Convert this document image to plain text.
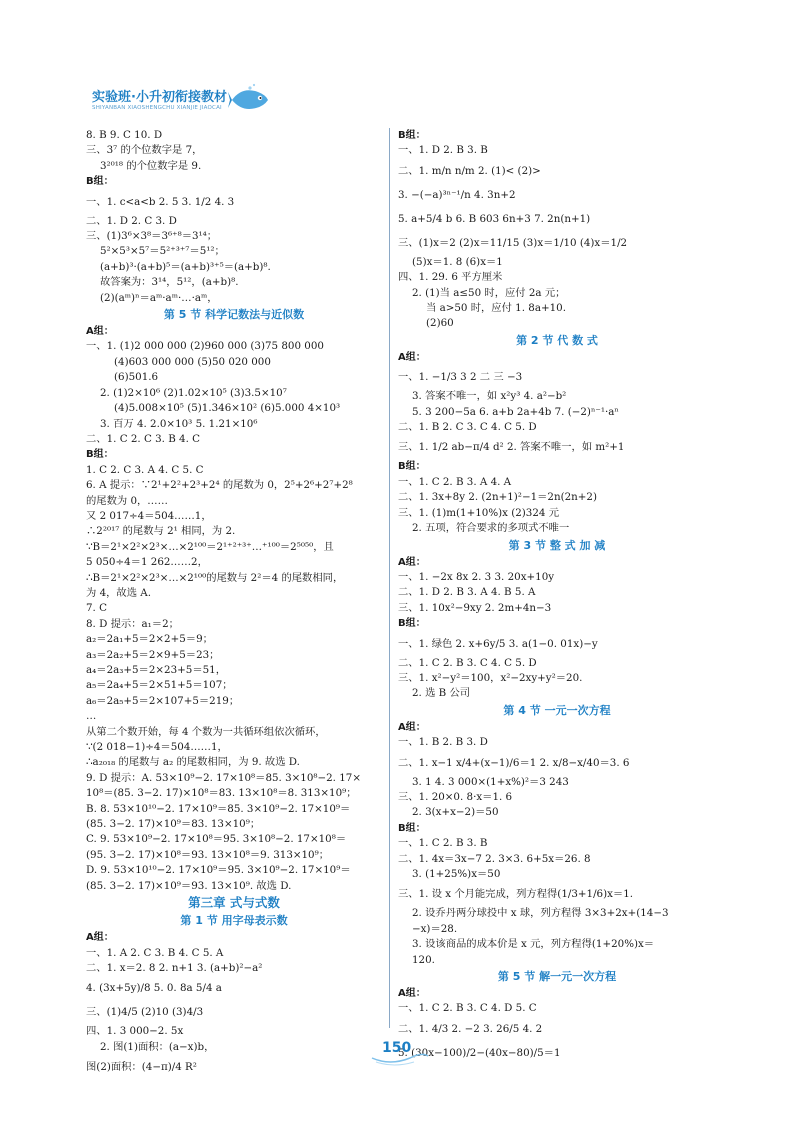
实验班·小升初衔接教材
SHIYANBAN XIAOSHENGCHU XIANJIE JIAOCAI
8. B 9. C 10. D
三、3⁷ 的个位数字是 7，
3²⁰¹⁸ 的个位数字是 9.
B组：
一、1. c<a<b 2. 5 3. 1/2 4. 3
二、1. D 2. C 3. D
三、(1)3⁶×3⁸＝3⁶⁺⁸＝3¹⁴；
5²×5³×5⁷＝5²⁺³⁺⁷＝5¹²；
(a+b)³·(a+b)⁵＝(a+b)³⁺⁵＝(a+b)⁸.
故答案为：3¹⁴，5¹²，(a+b)⁸.
(2)(aᵐ)ⁿ＝aᵐ·aᵐ·…·aᵐ，
第 5 节 科学记数法与近似数
A组：
一、1. (1)2 000 000 (2)960 000 (3)75 800 000
(4)603 000 000 (5)50 020 000
(6)501.6
2. (1)2×10⁶ (2)1.02×10⁵ (3)3.5×10⁷
(4)5.008×10⁵ (5)1.346×10² (6)5.000 4×10³
3. 百万 4. 2.0×10³ 5. 1.21×10⁶
二、1. C 2. C 3. B 4. C
B组：
1. C 2. C 3. A 4. C 5. C
6. A 提示：∵2¹+2²+2³+2⁴ 的尾数为 0，2⁵+2⁶+2⁷+2⁸
的尾数为 0，……
又 2 017÷4＝504……1，
∴2²⁰¹⁷ 的尾数与 2¹ 相同，为 2.
∵B＝2¹×2²×2³×…×2¹⁰⁰＝2¹⁺²⁺³⁺…⁺¹⁰⁰＝2⁵⁰⁵⁰，且
5 050÷4＝1 262……2，
∴B＝2¹×2²×2³×…×2¹⁰⁰的尾数与 2²＝4 的尾数相同，
为 4，故选 A.
7. C
8. D 提示：a₁＝2；
a₂＝2a₁+5＝2×2+5＝9；
a₃＝2a₂+5＝2×9+5＝23；
a₄＝2a₃+5＝2×23+5＝51，
a₅＝2a₄+5＝2×51+5＝107；
a₆＝2a₅+5＝2×107+5＝219；
…
从第二个数开始，每 4 个数为一共循环组依次循环，
∵(2 018−1)÷4＝504……1，
∴a₂₀₁₈ 的尾数与 a₂ 的尾数相同，为 9. 故选 D.
9. D 提示：A. 53×10⁹−2. 17×10⁸＝85. 3×10⁸−2. 17×
10⁸＝(85. 3−2. 17)×10⁸＝83. 13×10⁸＝8. 313×10⁹；
B. 8. 53×10¹⁰−2. 17×10⁹＝85. 3×10⁹−2. 17×10⁹＝
(85. 3−2. 17)×10⁹＝83. 13×10⁹；
C. 9. 53×10⁹−2. 17×10⁸＝95. 3×10⁸−2. 17×10⁸＝
(95. 3−2. 17)×10⁸＝93. 13×10⁸＝9. 313×10⁹；
D. 9. 53×10¹⁰−2. 17×10⁹＝95. 3×10⁹−2. 17×10⁹＝
(85. 3−2. 17)×10⁹＝93. 13×10⁹. 故选 D.
第三章 式与式数
第 1 节 用字母表示数
A组：
一、1. A 2. C 3. B 4. C 5. A
二、1. x＝2. 8 2. n+1 3. (a+b)²−a²
4. (3x+5y)/8 5. 0. 8a 5/4 a
三、(1)4/5 (2)10 (3)4/3
四、1. 3 000−2. 5x
2. 图(1)面积：(a−x)b，
图(2)面积：(4−π)/4 R²
B组：
一、1. D 2. B 3. B
二、1. m/n n/m 2. (1)< (2)>
3. −(−a)³ⁿ⁻¹/n 4. 3n+2
5. a+5/4 b 6. B 603 6n+3 7. 2n(n+1)
三、(1)x＝2 (2)x＝11/15 (3)x＝1/10 (4)x＝1/2
(5)x＝1. 8 (6)x＝1
四、1. 29. 6 平方厘米
2. (1)当 a≤50 时，应付 2a 元；
当 a>50 时，应付 1. 8a+10.
(2)60
第 2 节 代 数 式
A组：
一、1. −1/3 3 2 二 三 −3
3. 答案不唯一，如 x²y³ 4. a²−b²
5. 3 200−5a 6. a+b 2a+4b 7. (−2)ⁿ⁻¹·aⁿ
二、1. B 2. C 3. C 4. C 5. D
三、1. 1/2 ab−π/4 d² 2. 答案不唯一，如 m²+1
B组：
一、1. C 2. B 3. A 4. A
二、1. 3x+8y 2. (2n+1)²−1＝2n(2n+2)
三、1. (1)m(1+10%)x (2)324 元
2. 五项，符合要求的多项式不唯一
第 3 节 整 式 加 减
A组：
一、1. −2x 8x 2. 3 3. 20x+10y
二、1. D 2. B 3. A 4. B 5. A
三、1. 10x²−9xy 2. 2m+4n−3
B组：
一、1. 绿色 2. x+6y/5 3. a(1−0. 01x)−y
二、1. C 2. B 3. C 4. C 5. D
三、1. x²−y²＝100，x²−2xy+y²＝20.
2. 选 B 公司
第 4 节 一元一次方程
A组：
一、1. B 2. B 3. D
二、1. x−1 x/4+(x−1)/6＝1 2. x/8−x/40＝3. 6
3. 1 4. 3 000×(1+x%)²＝3 243
三、1. 20×0. 8·x＝1. 6
2. 3(x+x−2)＝50
B组：
一、1. C 2. B 3. B
二、1. 4x＝3x−7 2. 3×3. 6+5x＝26. 8
3. (1+25%)x＝50
三、1. 设 x 个月能完成，列方程得(1/3+1/6)x＝1.
2. 设乔丹两分球投中 x 球，列方程得 3×3+2x+(14−3
−x)＝28.
3. 设该商品的成本价是 x 元，列方程得(1+20%)x＝
120.
第 5 节 解一元一次方程
A组：
一、1. C 2. B 3. C 4. D 5. C
二、1. 4/3 2. −2 3. 26/5 4. 2
5. (30x−100)/2−(40x−80)/5＝1
150
